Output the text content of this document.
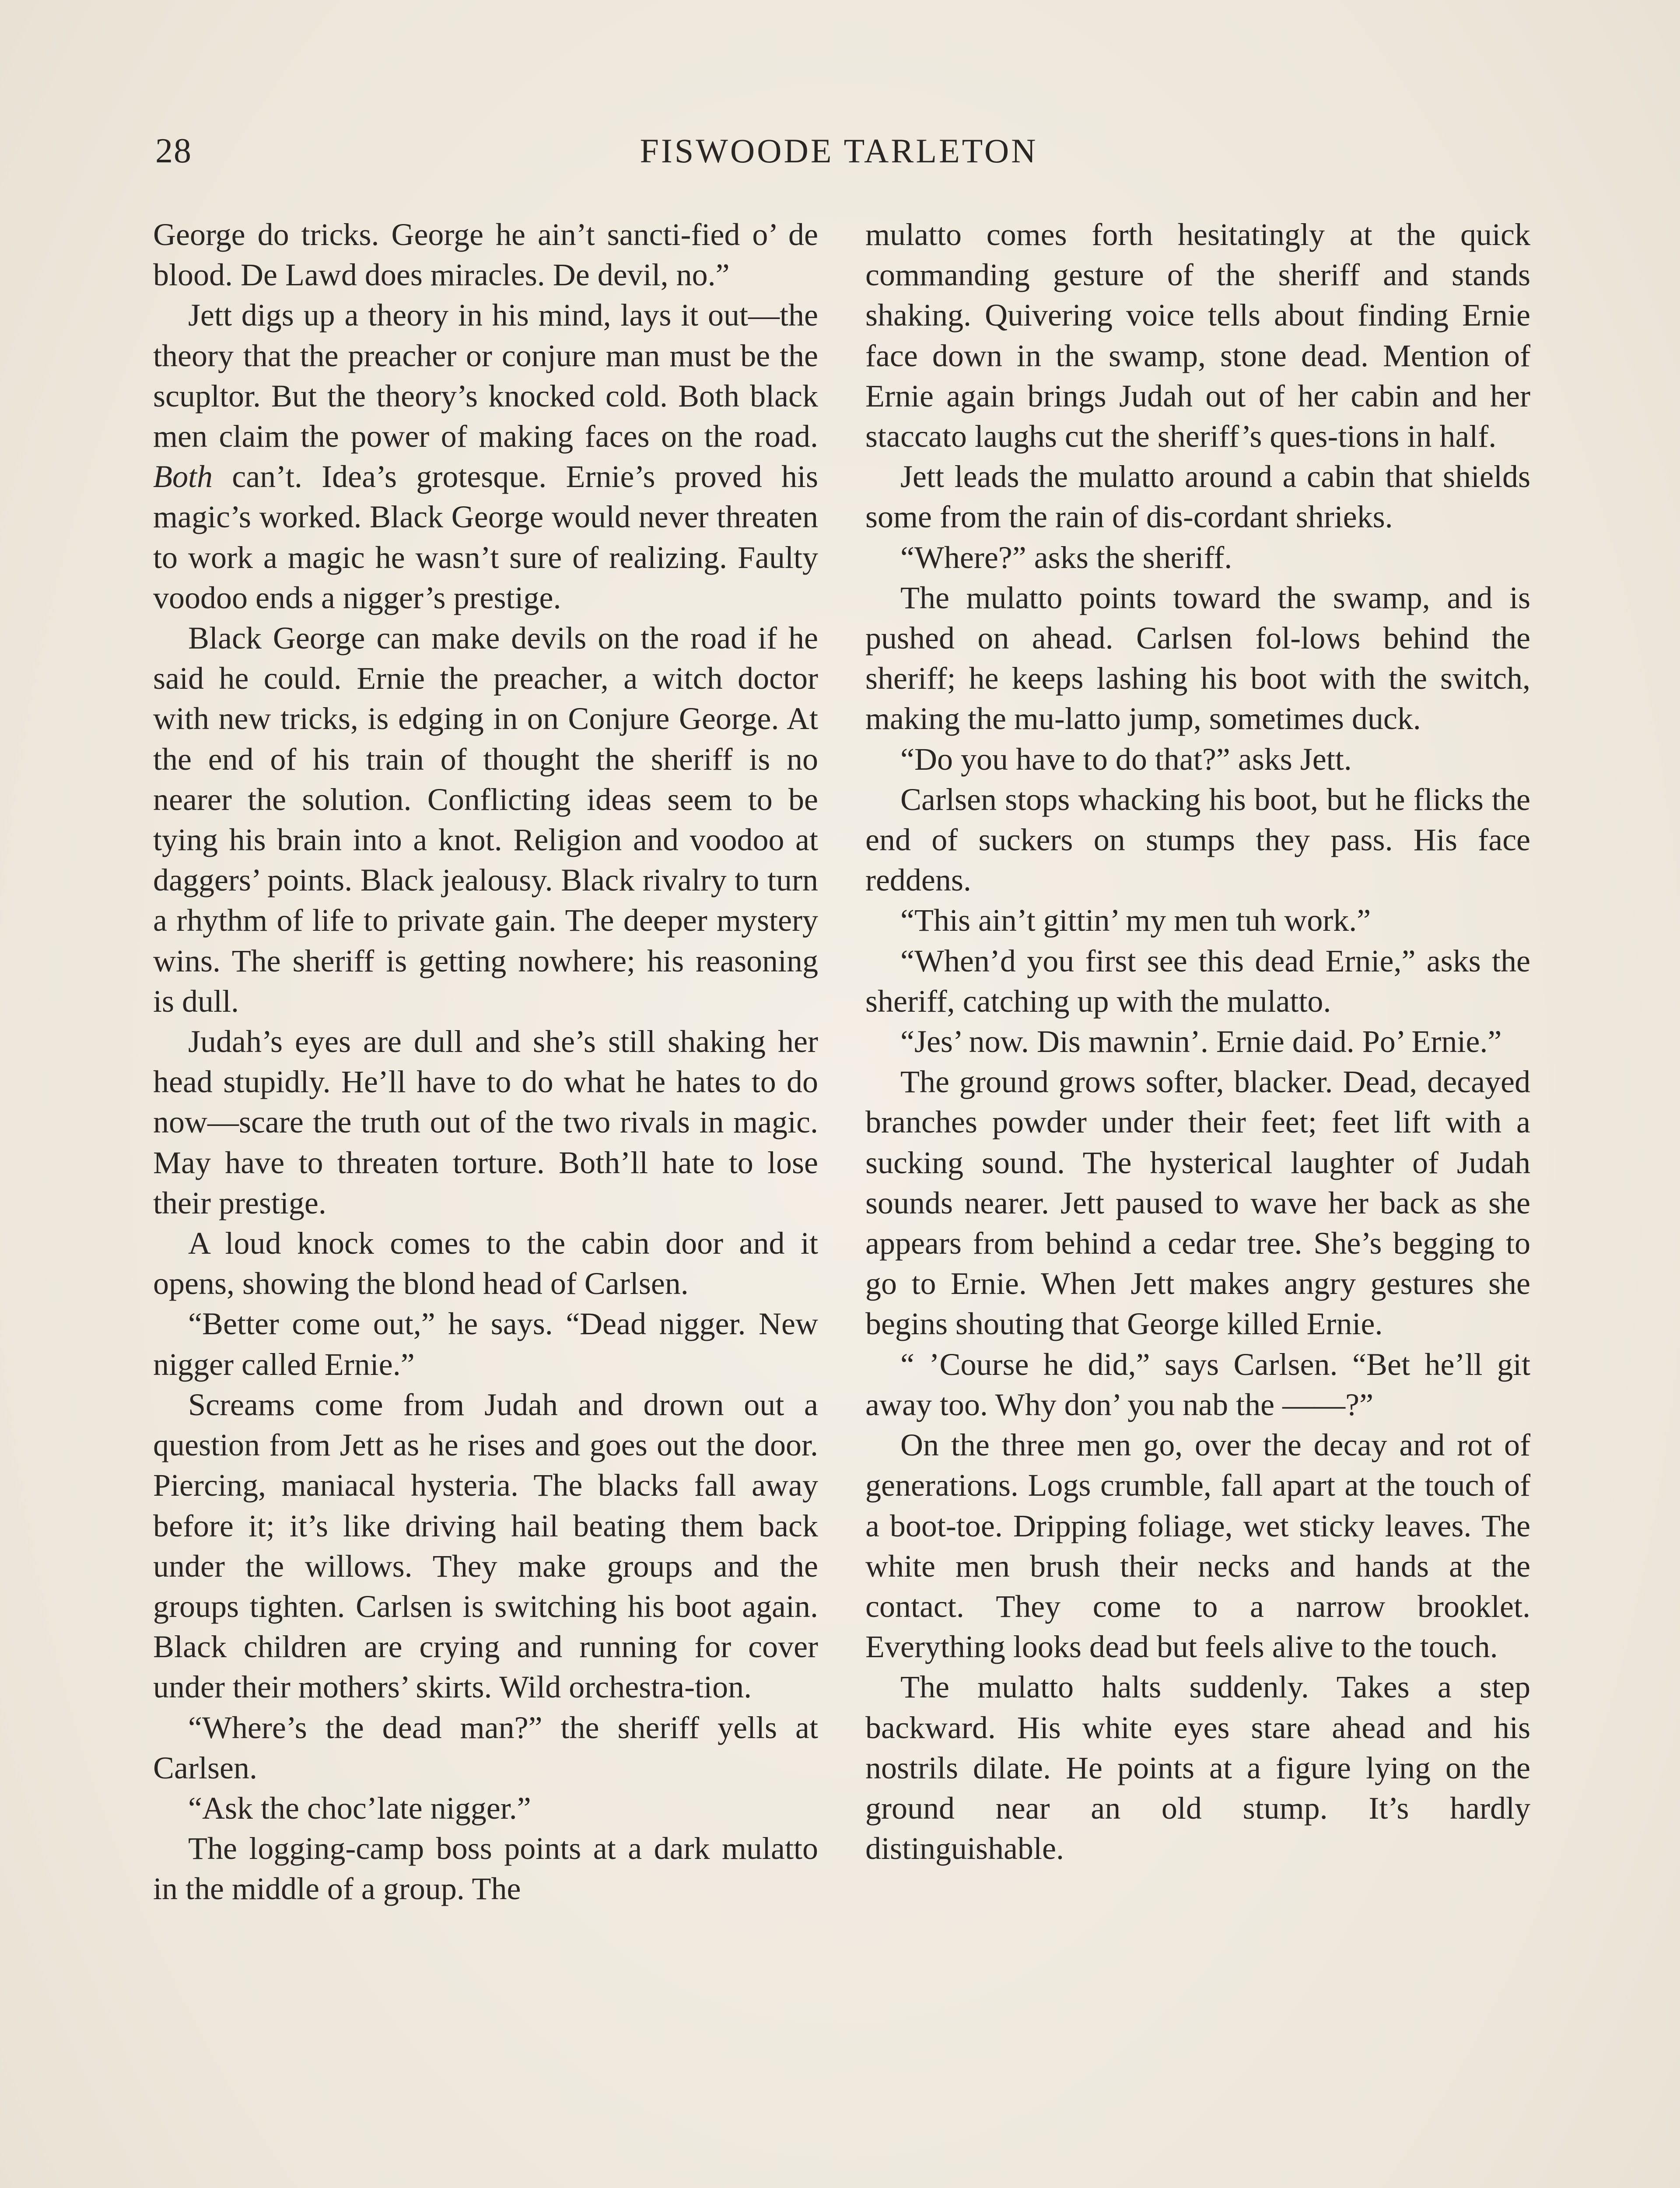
28	FISWOODE TARLETON

George do tricks. George he ain’t sancti-fied o’ de blood. De Lawd does miracles. De devil, no.”

Jett digs up a theory in his mind, lays it out—the theory that the preacher or conjure man must be the scupltor. But the theory’s knocked cold. Both black men claim the power of making faces on the road. Both can’t. Idea’s grotesque. Ernie’s proved his magic’s worked. Black George would never threaten to work a magic he wasn’t sure of realizing. Faulty voodoo ends a nigger’s prestige.

Black George can make devils on the road if he said he could. Ernie the preacher, a witch doctor with new tricks, is edging in on Conjure George. At the end of his train of thought the sheriff is no nearer the solution. Conflicting ideas seem to be tying his brain into a knot. Religion and voodoo at daggers’ points. Black jealousy. Black rivalry to turn a rhythm of life to private gain. The deeper mystery wins. The sheriff is getting nowhere; his reasoning is dull.

Judah’s eyes are dull and she’s still shaking her head stupidly. He’ll have to do what he hates to do now—scare the truth out of the two rivals in magic. May have to threaten torture. Both’ll hate to lose their prestige.

A loud knock comes to the cabin door and it opens, showing the blond head of Carlsen.

“Better come out,” he says. “Dead nigger. New nigger called Ernie.”

Screams come from Judah and drown out a question from Jett as he rises and goes out the door. Piercing, maniacal hysteria. The blacks fall away before it; it’s like driving hail beating them back under the willows. They make groups and the groups tighten. Carlsen is switching his boot again. Black children are crying and running for cover under their mothers’ skirts. Wild orchestra-tion.

“Where’s the dead man?” the sheriff yells at Carlsen.

“Ask the choc’late nigger.”

The logging-camp boss points at a dark mulatto in the middle of a group. The

mulatto comes forth hesitatingly at the quick commanding gesture of the sheriff and stands shaking. Quivering voice tells about finding Ernie face down in the swamp, stone dead. Mention of Ernie again brings Judah out of her cabin and her staccato laughs cut the sheriff’s ques-tions in half.

Jett leads the mulatto around a cabin that shields some from the rain of dis-cordant shrieks.

“Where?” asks the sheriff.

The mulatto points toward the swamp, and is pushed on ahead. Carlsen fol-lows behind the sheriff; he keeps lashing his boot with the switch, making the mu-latto jump, sometimes duck.

“Do you have to do that?” asks Jett.

Carlsen stops whacking his boot, but he flicks the end of suckers on stumps they pass. His face reddens.

“This ain’t gittin’ my men tuh work.”

“When’d you first see this dead Ernie,” asks the sheriff, catching up with the mulatto.

“Jes’ now. Dis mawnin’. Ernie daid. Po’ Ernie.”

The ground grows softer, blacker. Dead, decayed branches powder under their feet; feet lift with a sucking sound. The hysterical laughter of Judah sounds nearer. Jett paused to wave her back as she appears from behind a cedar tree. She’s begging to go to Ernie. When Jett makes angry gestures she begins shouting that George killed Ernie.

“ ’Course he did,” says Carlsen. “Bet he’ll git away too. Why don’ you nab the ——?”

On the three men go, over the decay and rot of generations. Logs crumble, fall apart at the touch of a boot-toe. Dripping foliage, wet sticky leaves. The white men brush their necks and hands at the contact. They come to a narrow brooklet. Everything looks dead but feels alive to the touch.

The mulatto halts suddenly. Takes a step backward. His white eyes stare ahead and his nostrils dilate. He points at a figure lying on the ground near an old stump. It’s hardly distinguishable.
